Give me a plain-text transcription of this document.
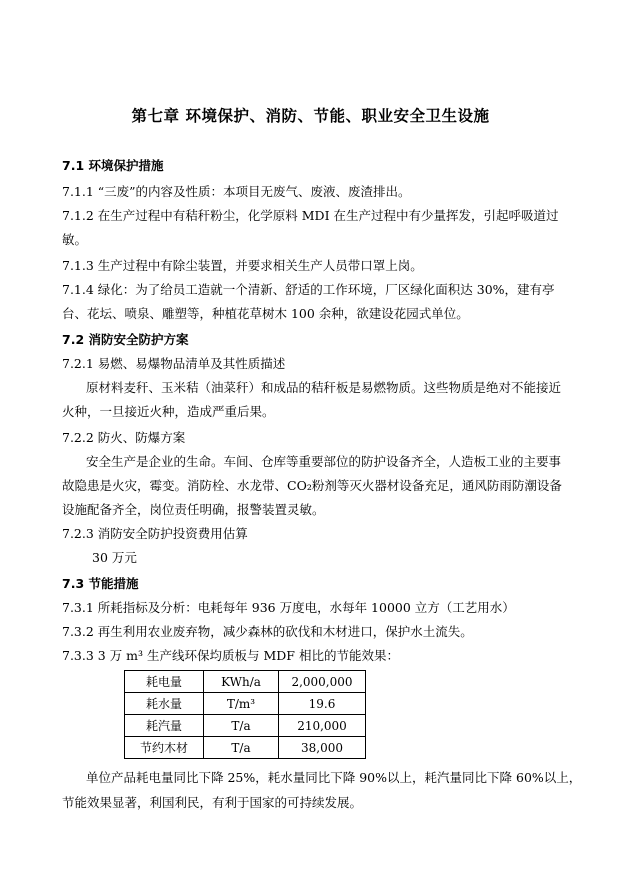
第七章 环境保护、消防、节能、职业安全卫生设施
7.1 环境保护措施
7.1.1 “三废”的内容及性质：本项目无废气、废液、废渣排出。
7.1.2 在生产过程中有秸秆粉尘，化学原料 MDI 在生产过程中有少量挥发，引起呼吸道过
敏。
7.1.3 生产过程中有除尘装置，并要求相关生产人员带口罩上岗。
7.1.4 绿化：为了给员工造就一个清新、舒适的工作环境，厂区绿化面积达 30%，建有亭
台、花坛、喷泉、雕塑等，种植花草树木 100 余种，欲建设花园式单位。
7.2 消防安全防护方案
7.2.1 易燃、易爆物品清单及其性质描述
原材料麦秆、玉米秸（油菜秆）和成品的秸秆板是易燃物质。这些物质是绝对不能接近
火种，一旦接近火种，造成严重后果。
7.2.2 防火、防爆方案
安全生产是企业的生命。车间、仓库等重要部位的防护设备齐全，人造板工业的主要事
故隐患是火灾，霉变。消防栓、水龙带、CO₂粉剂等灭火器材设备充足，通风防雨防潮设备
设施配备齐全，岗位责任明确，报警装置灵敏。
7.2.3 消防安全防护投资费用估算
30 万元
7.3 节能措施
7.3.1 所耗指标及分析：电耗每年 936 万度电，水每年 10000 立方（工艺用水）
7.3.2 再生利用农业废弃物，减少森林的砍伐和木材进口，保护水土流失。
7.3.3 3 万 m³ 生产线环保均质板与 MDF 相比的节能效果：
耗电量	KWh/a	2,000,000
耗水量	T/m³	19.6
耗汽量	T/a	210,000
节约木材	T/a	38,000
单位产品耗电量同比下降 25%，耗水量同比下降 90%以上，耗汽量同比下降 60%以上，
节能效果显著，利国利民，有利于国家的可持续发展。
